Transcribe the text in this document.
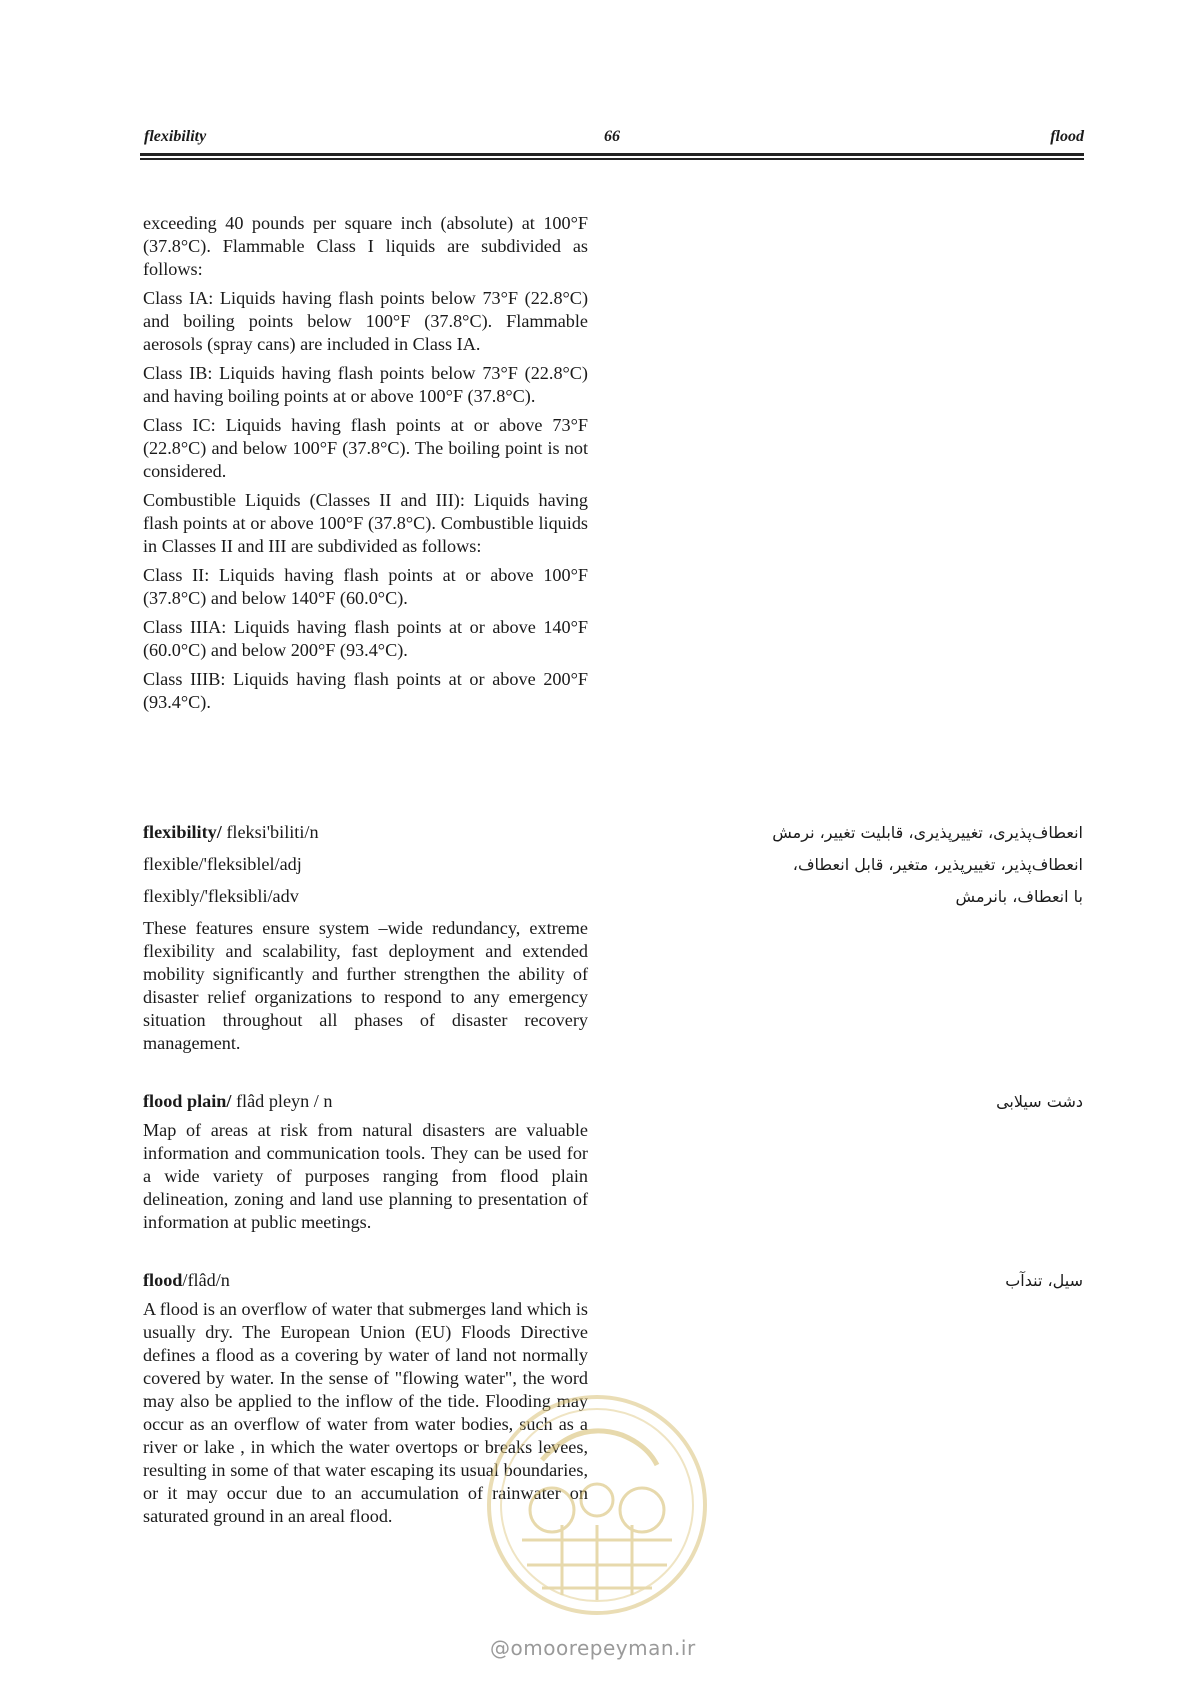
flexibility	66	flood

exceeding 40 pounds per square inch (absolute) at 100°F (37.8°C). Flammable Class I liquids are subdivided as follows:

Class IA: Liquids having flash points below 73°F (22.8°C) and boiling points below 100°F (37.8°C). Flammable aerosols (spray cans) are included in Class IA.

Class IB: Liquids having flash points below 73°F (22.8°C) and having boiling points at or above 100°F (37.8°C).

Class IC: Liquids having flash points at or above 73°F (22.8°C) and below 100°F (37.8°C). The boiling point is not considered.

Combustible Liquids (Classes II and III): Liquids having flash points at or above 100°F (37.8°C). Combustible liquids in Classes II and III are subdivided as follows:

Class II: Liquids having flash points at or above 100°F (37.8°C) and below 140°F (60.0°C).

Class IIIA: Liquids having flash points at or above 140°F (60.0°C) and below 200°F (93.4°C).

Class IIIB: Liquids having flash points at or above 200°F (93.4°C).

flexibility/ fleksi'biliti/n

flexible/'fleksiblel/adj

flexibly/'fleksibli/adv

These features ensure system –wide redundancy, extreme flexibility and scalability, fast deployment and extended mobility significantly and further strengthen the ability of disaster relief organizations to respond to any emergency situation throughout all phases of disaster recovery management.

انعطاف‌پذیری، تغییرپذیری، قابلیت تغییر، نرمش
انعطاف‌پذیر، تغییرپذیر، متغیر، قابل انعطاف،
با انعطاف، بانرمش

flood plain/ flâd pleyn / n

Map of areas at risk from natural disasters are valuable information and communication tools. They can be used for a wide variety of purposes ranging from flood plain delineation, zoning and land use planning to presentation of information at public meetings.

دشت سیلابی

flood/flâd/n

A flood is an overflow of water that submerges land which is usually dry. The European Union (EU) Floods Directive defines a flood as a covering by water of land not normally covered by water. In the sense of "flowing water", the word may also be applied to the inflow of the tide. Flooding may occur as an overflow of water from water bodies, such as a river or lake , in which the water overtops or breaks levees, resulting in some of that water escaping its usual boundaries, or it may occur due to an accumulation of rainwater on saturated ground in an areal flood.

سیل، تندآب
@omoorepeyman.ir
